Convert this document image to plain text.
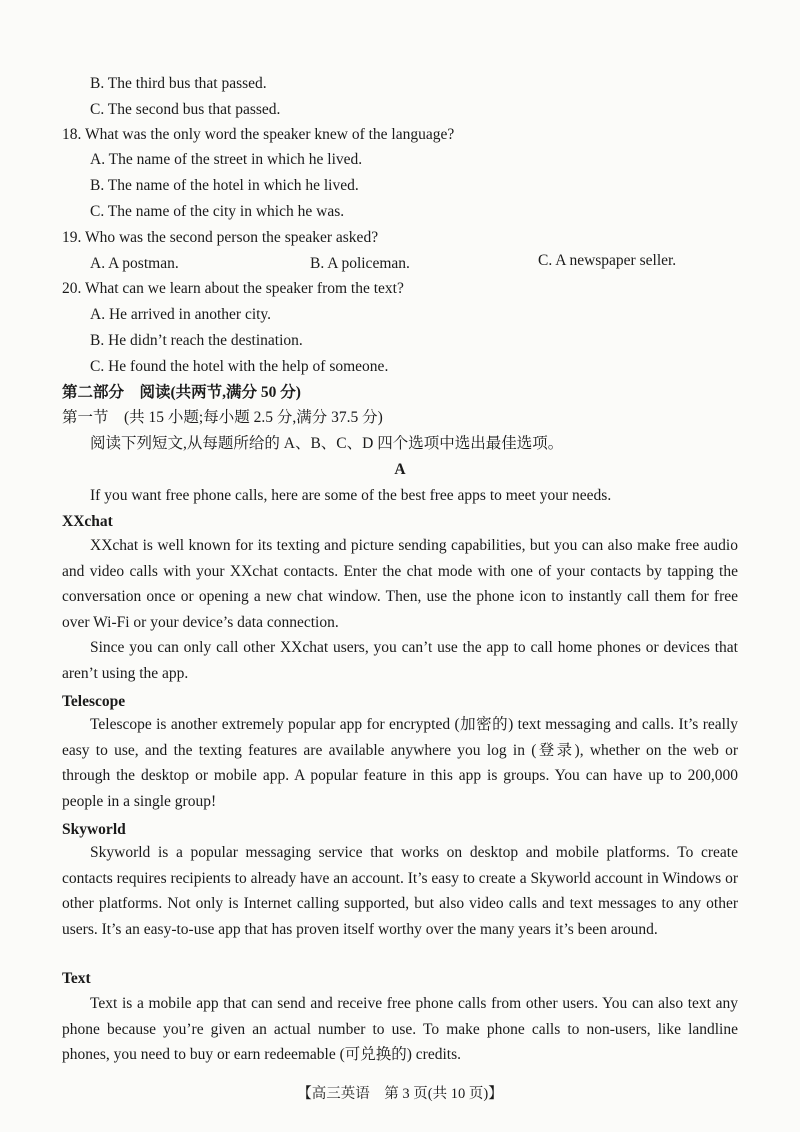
B. The third bus that passed.
C. The second bus that passed.
18. What was the only word the speaker knew of the language?
A. The name of the street in which he lived.
B. The name of the hotel in which he lived.
C. The name of the city in which he was.
19. Who was the second person the speaker asked?
A. A postman.	B. A policeman.	C. A newspaper seller.
20. What can we learn about the speaker from the text?
A. He arrived in another city.
B. He didn’t reach the destination.
C. He found the hotel with the help of someone.
第二部分　阅读(共两节,满分 50 分)
第一节　(共 15 小题;每小题 2.5 分,满分 37.5 分)
阅读下列短文,从每题所给的 A、B、C、D 四个选项中选出最佳选项。
A
If you want free phone calls, here are some of the best free apps to meet your needs.
XXchat

XXchat is well known for its texting and picture sending capabilities, but you can also make free audio and video calls with your XXchat contacts. Enter the chat mode with one of your contacts by tapping the conversation once or opening a new chat window. Then, use the phone icon to instantly call them for free over Wi-Fi or your device’s data connection.

Since you can only call other XXchat users, you can’t use the app to call home phones or devices that aren’t using the app.

Telescope

Telescope is another extremely popular app for encrypted (加密的) text messaging and calls. It’s really easy to use, and the texting features are available anywhere you log in (登录), whether on the web or through the desktop or mobile app. A popular feature in this app is groups. You can have up to 200,000 people in a single group!

Skyworld

Skyworld is a popular messaging service that works on desktop and mobile platforms. To create contacts requires recipients to already have an account. It’s easy to create a Skyworld account in Windows or other platforms. Not only is Internet calling supported, but also video calls and text messages to any other users. It’s an easy-to-use app that has proven itself worthy over the many years it’s been around.

Text

Text is a mobile app that can send and receive free phone calls from other users. You can also text any phone because you’re given an actual number to use. To make phone calls to non-users, like landline phones, you need to buy or earn redeemable (可兑换的) credits.

【高三英语　第 3 页(共 10 页)】
